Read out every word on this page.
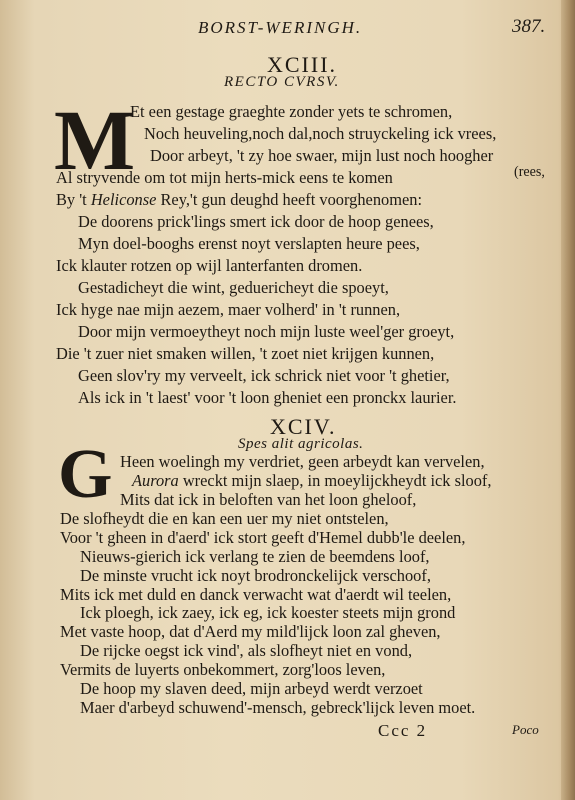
BORST-WERINGH.	387.
XCIII.
RECTO CVRSV.
M
Et een gestage graeghte zonder yets te schromen,
Noch heuveling,noch dal,noch struyckeling ick vrees,
Door arbeyt, 't zy hoe swaer, mijn lust noch hoogher
(rees,
Al stryvende om tot mijn herts-mick eens te komen
By 't Heliconse Rey,'t gun deughd heeft voorghenomen:
De doorens prick'lings smert ick door de hoop genees,
Myn doel-booghs erenst noyt verslapten heure pees,
Ick klauter rotzen op wijl lanterfanten dromen.
Gestadicheyt die wint, geduericheyt die spoeyt,
Ick hyge nae mijn aezem, maer volherd' in 't runnen,
Door mijn vermoeytheyt noch mijn luste weel'ger groeyt,
Die 't zuer niet smaken willen, 't zoet niet krijgen kunnen,
Geen slov'ry my verveelt, ick schrick niet voor 't ghetier,
Als ick in 't laest' voor 't loon gheniet een pronckx laurier.
XCIV.
Spes alit agricolas.
G Heen woelingh my verdriet, geen arbeydt kan vervelen,
Aurora wreckt mijn slaep, in moeylijckheydt ick sloof,
Mits dat ick in beloften van het loon gheloof,
De slofheydt die en kan een uer my niet ontstelen,
Voor 't gheen in d'aerd' ick stort geeft d'Hemel dubb'le deelen,
Nieuws-gierich ick verlang te zien de beemdens loof,
De minste vrucht ick noyt brodronckelijck verschoof,
Mits ick met duld en danck verwacht wat d'aerdt wil teelen,
Ick ploegh, ick zaey, ick eg, ick koester steets mijn grond
Met vaste hoop, dat d'Aerd my mild'lijck loon zal gheven,
De rijcke oegst ick vind', als slofheyt niet en vond,
Vermits de luyerts onbekommert, zorg'loos leven,
De hoop my slaven deed, mijn arbeyd werdt verzoet
Maer d'arbeyd schuwend'-mensch, gebreck'lijck leven moet.
Ccc 2	Poco
